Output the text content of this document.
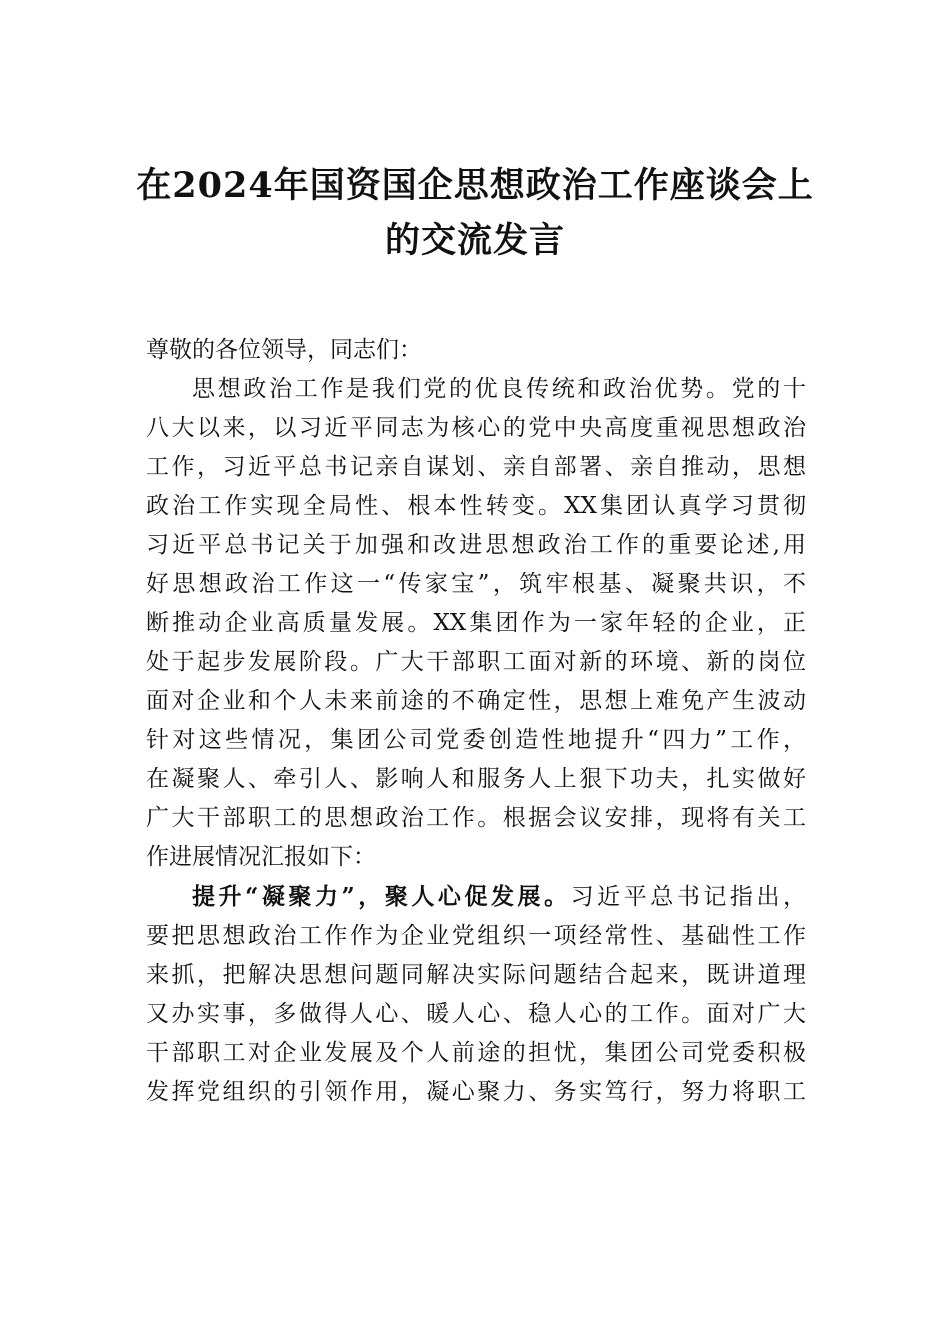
在2024年国资国企思想政治工作座谈会上
的交流发言
尊敬的各位领导，同志们：
思想政治工作是我们党的优良传统和政治优势。党的十
八大以来，以习近平同志为核心的党中央高度重视思想政治
工作，习近平总书记亲自谋划、亲自部署、亲自推动，思想
政治工作实现全局性、根本性转变。XX集团认真学习贯彻
习近平总书记关于加强和改进思想政治工作的重要论述,用
好思想政治工作这一“传家宝”，筑牢根基、凝聚共识，不
断推动企业高质量发展。XX集团作为一家年轻的企业，正
处于起步发展阶段。广大干部职工面对新的环境、新的岗位
面对企业和个人未来前途的不确定性，思想上难免产生波动
针对这些情况，集团公司党委创造性地提升“四力”工作，
在凝聚人、牵引人、影响人和服务人上狠下功夫，扎实做好
广大干部职工的思想政治工作。根据会议安排，现将有关工
作进展情况汇报如下：
提升“凝聚力”，聚人心促发展。习近平总书记指出，
要把思想政治工作作为企业党组织一项经常性、基础性工作
来抓，把解决思想问题同解决实际问题结合起来，既讲道理
又办实事，多做得人心、暖人心、稳人心的工作。面对广大
干部职工对企业发展及个人前途的担忧，集团公司党委积极
发挥党组织的引领作用，凝心聚力、务实笃行，努力将职工
